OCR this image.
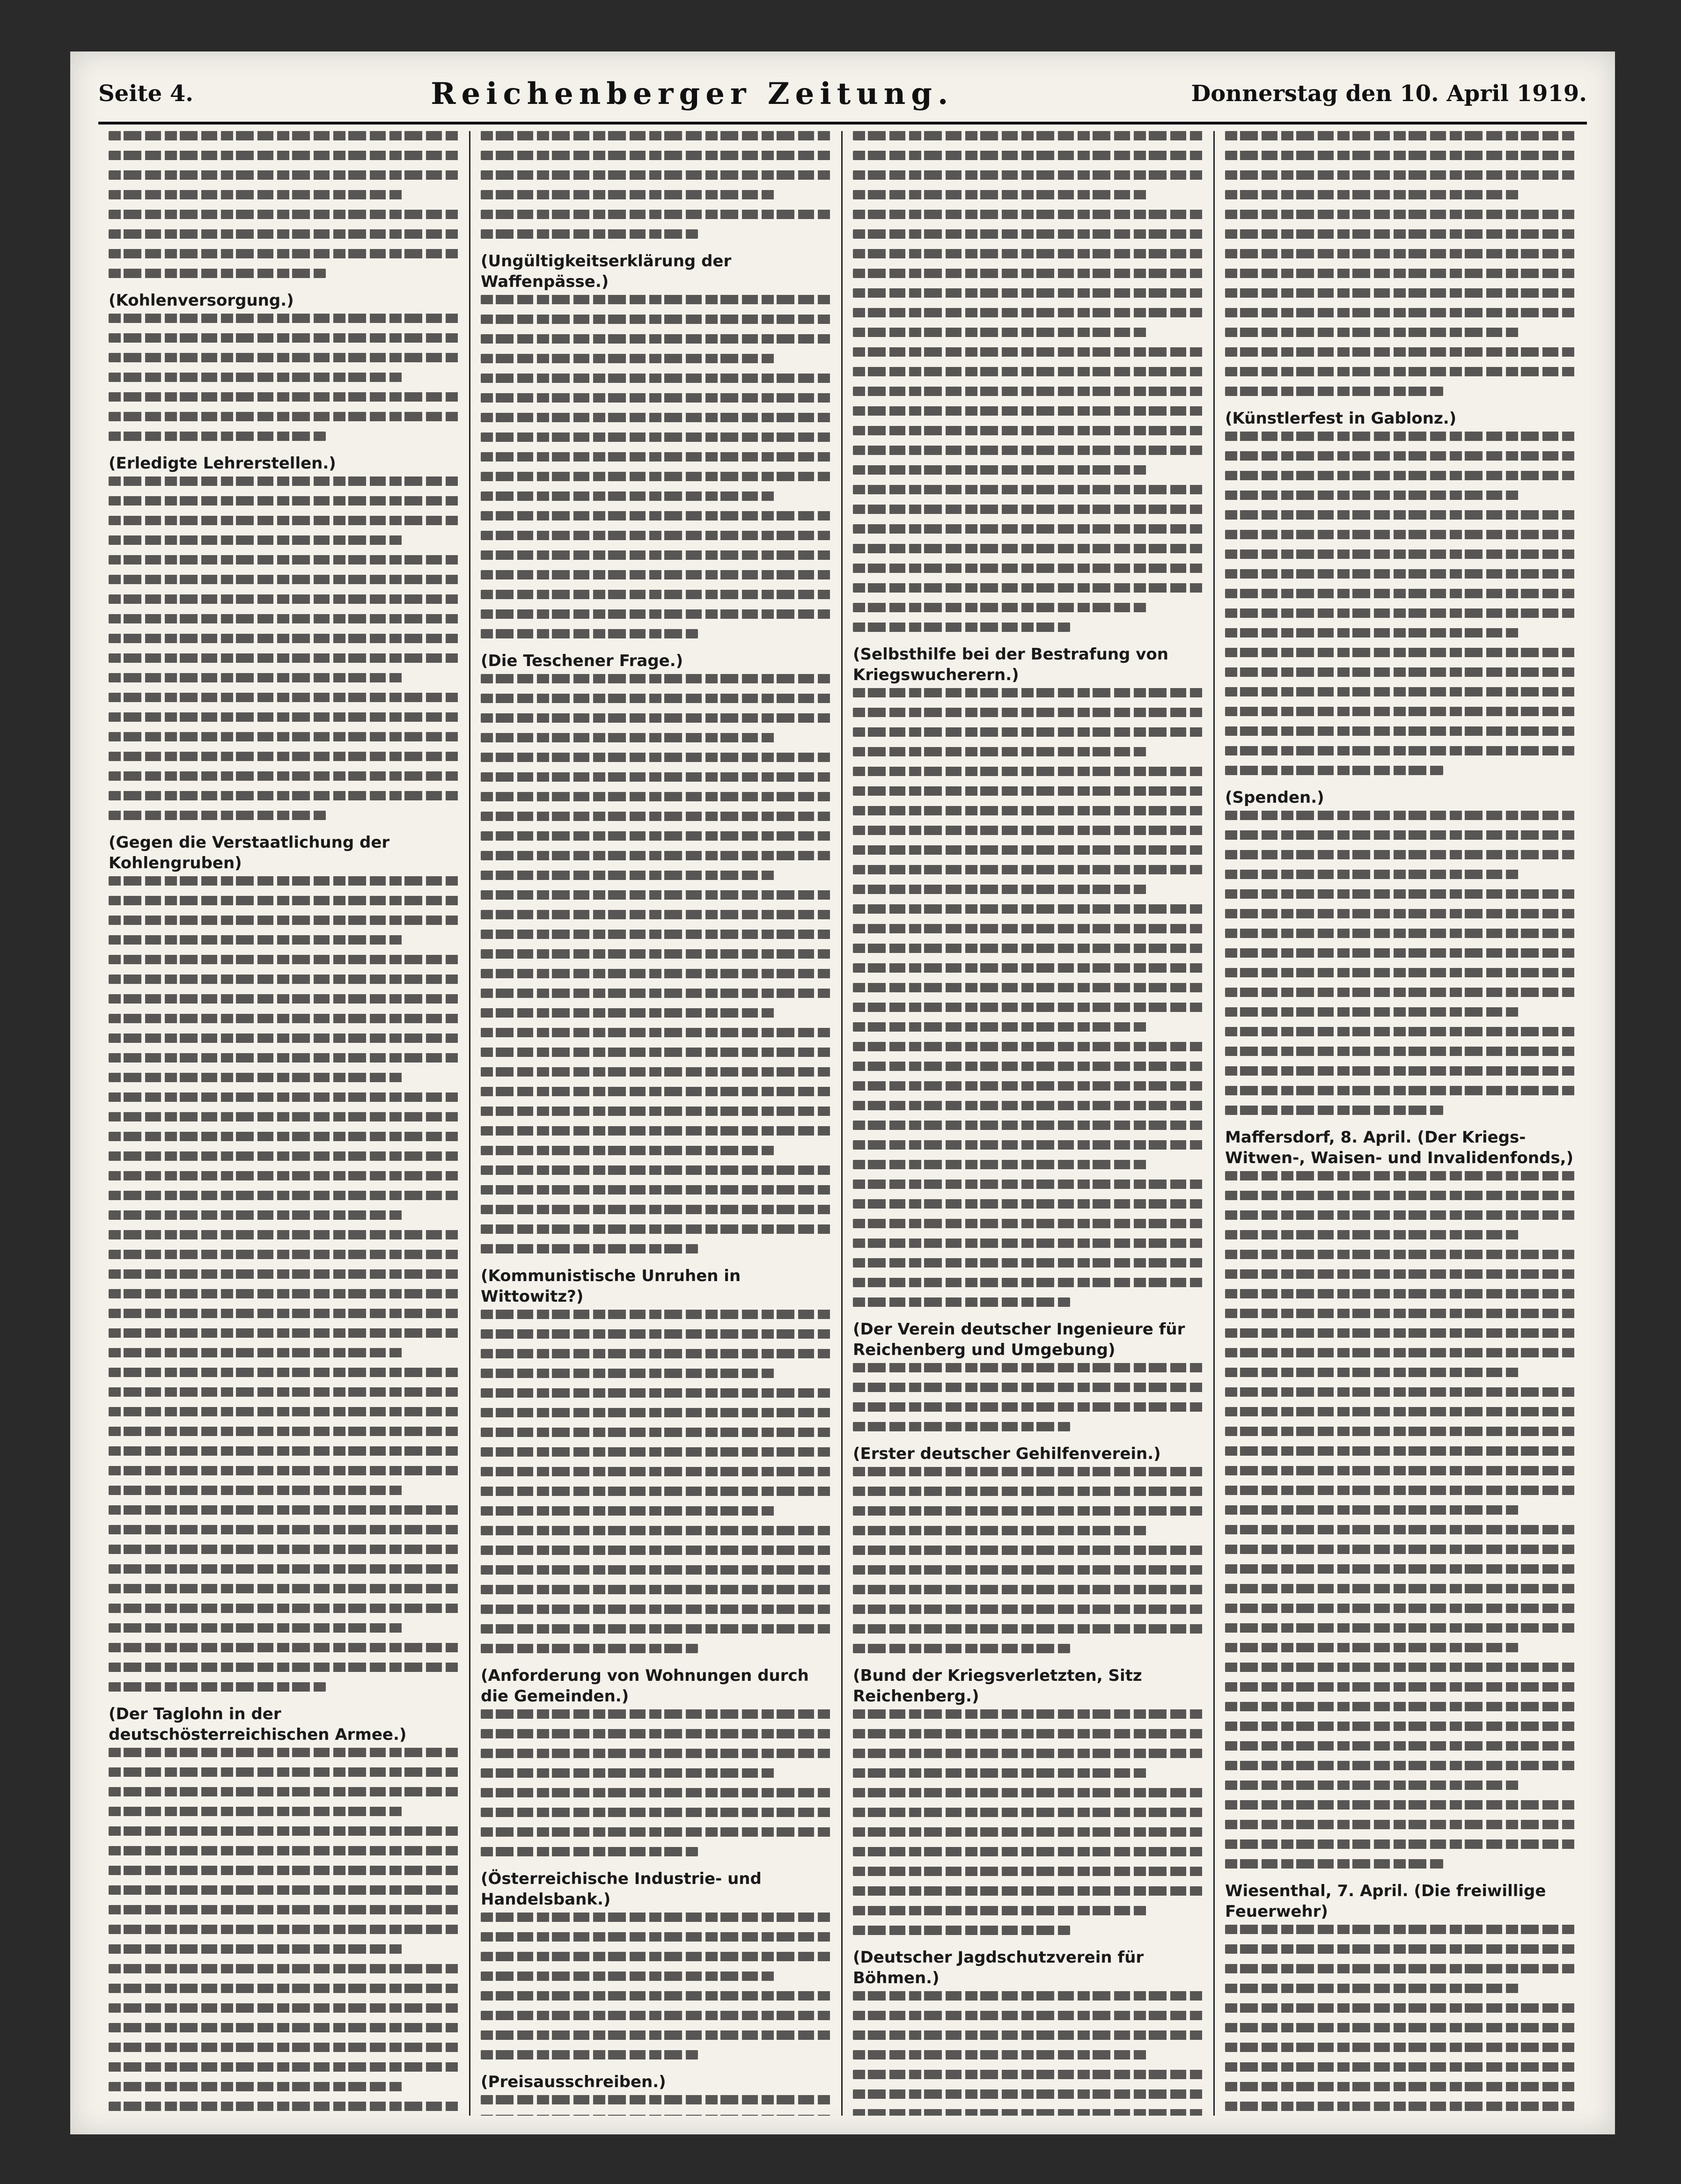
Seite 4.	Reichenberger Zeitung.	Donnerstag den 10. April 1919.
(Kohlenversorgung.)
(Erledigte Lehrerstellen.)
(Gegen die Verstaatlichung der Kohlengruben)
(Der Taglohn in der deutschösterreichischen Armee.)
(Ungültigkeitserklärung der Waffenpässe.)
(Die Teschener Frage.)
(Kommunistische Unruhen in Wittowitz?)
(Anforderung von Wohnungen durch die Gemeinden.)
(Österreichische Industrie- und Handelsbank.)
(Preisausschreiben.)
(Selbsthilfe bei der Bestrafung von Kriegswucherern.)
(Der Verein deutscher Ingenieure für Reichenberg und Umgebung)
(Erster deutscher Gehilfenverein.)
(Bund der Kriegsverletzten, Sitz Reichenberg.)
(Deutscher Jagdschutzverein für Böhmen.)
(Künstlerfest in Gablonz.)
(Spenden.)
Maffersdorf, 8. April. (Der Kriegs-Witwen-, Waisen- und Invalidenfonds,)
Wiesenthal, 7. April. (Die freiwillige Feuerwehr)
